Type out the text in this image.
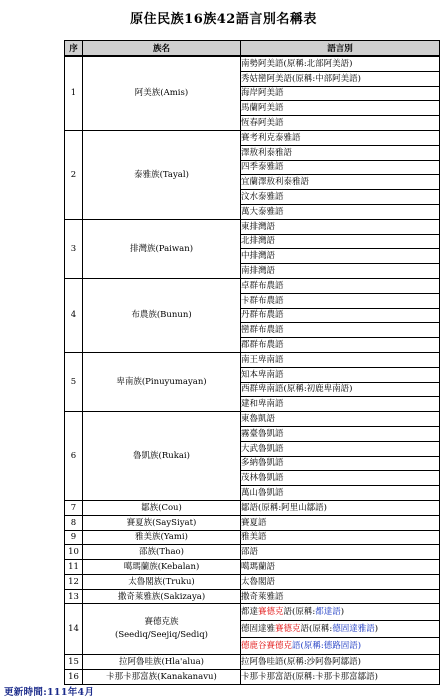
原住民族16族42語言別名稱表
序	族名	語言別
1	阿美族(Amis)	南勢阿美語(原稱:北部阿美語)
		秀姑巒阿美語(原稱:中部阿美語)
		海岸阿美語
		馬蘭阿美語
		恆春阿美語
2	泰雅族(Tayal)	賽考利克泰雅語
		澤敖利泰雅語
		四季泰雅語
		宜蘭澤敖利泰雅語
		汶水泰雅語
		萬大泰雅語
3	排灣族(Paiwan)	東排灣語
		北排灣語
		中排灣語
		南排灣語
4	布農族(Bunun)	卓群布農語
		卡群布農語
		丹群布農語
		巒群布農語
		郡群布農語
5	卑南族(Pinuyumayan)	南王卑南語
		知本卑南語
		西群卑南語(原稱:初鹿卑南語)
		建和卑南語
6	魯凱族(Rukai)	東魯凱語
		霧臺魯凱語
		大武魯凱語
		多納魯凱語
		茂林魯凱語
		萬山魯凱語
7	鄒族(Cou)	鄒語(原稱:阿里山鄒語)
8	賽夏族(SaySiyat)	賽夏語
9	雅美族(Yami)	雅美語
10	邵族(Thao)	邵語
11	噶瑪蘭族(Kebalan)	噶瑪蘭語
12	太魯閣族(Truku)	太魯閣語
13	撒奇萊雅族(Sakizaya)	撒奇萊雅語
14	賽德克族
(Seediq/Seejiq/Sediq)	都達賽德克語(原稱:都達語)
		德固達雅賽德克語(原稱:德固達雅語)
		德鹿谷賽德克語(原稱:德路固語)
15	拉阿魯哇族(Hla'alua)	拉阿魯哇語(原稱:沙阿魯阿鄒語)
16	卡那卡那富族(Kanakanavu)	卡那卡那富語(原稱:卡那卡那富鄒語)
更新時間:111年4月
